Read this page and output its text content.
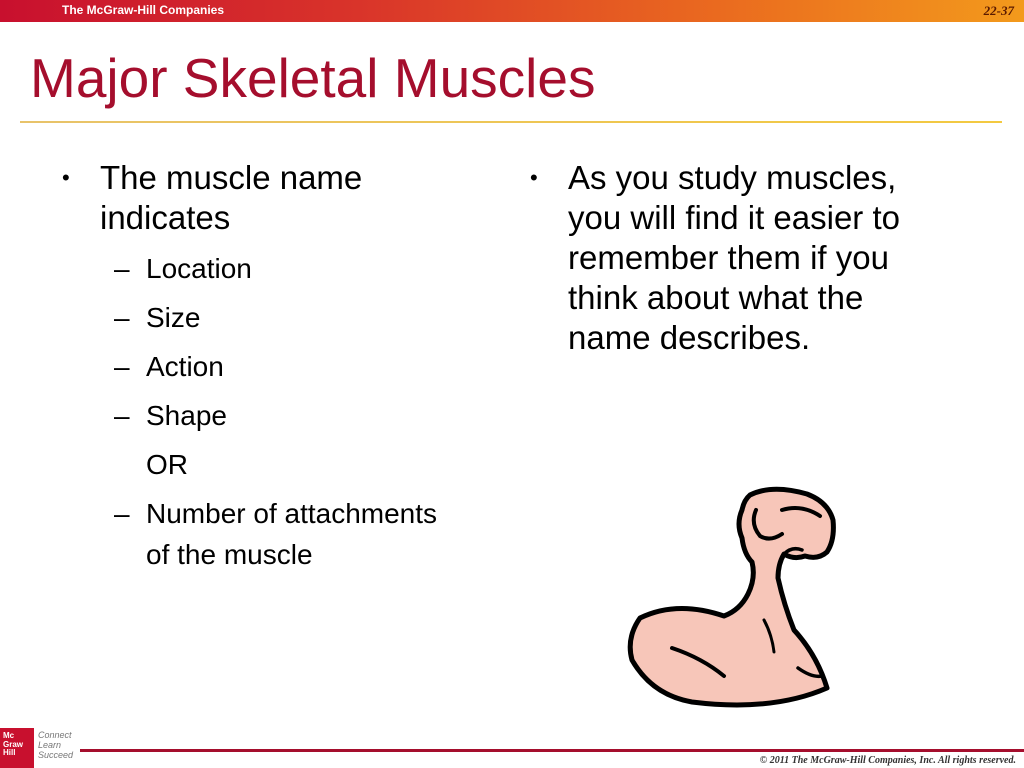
The McGraw-Hill Companies	22-37
Major Skeletal Muscles
• The muscle name indicates
– Location
– Size
– Action
– Shape
OR
– Number of attachments of the muscle
• As you study muscles, you will find it easier to remember them if you think about what the name describes.
Mc
Graw
Hill
Connect
Learn
Succeed	© 2011 The McGraw-Hill Companies, Inc. All rights reserved.
